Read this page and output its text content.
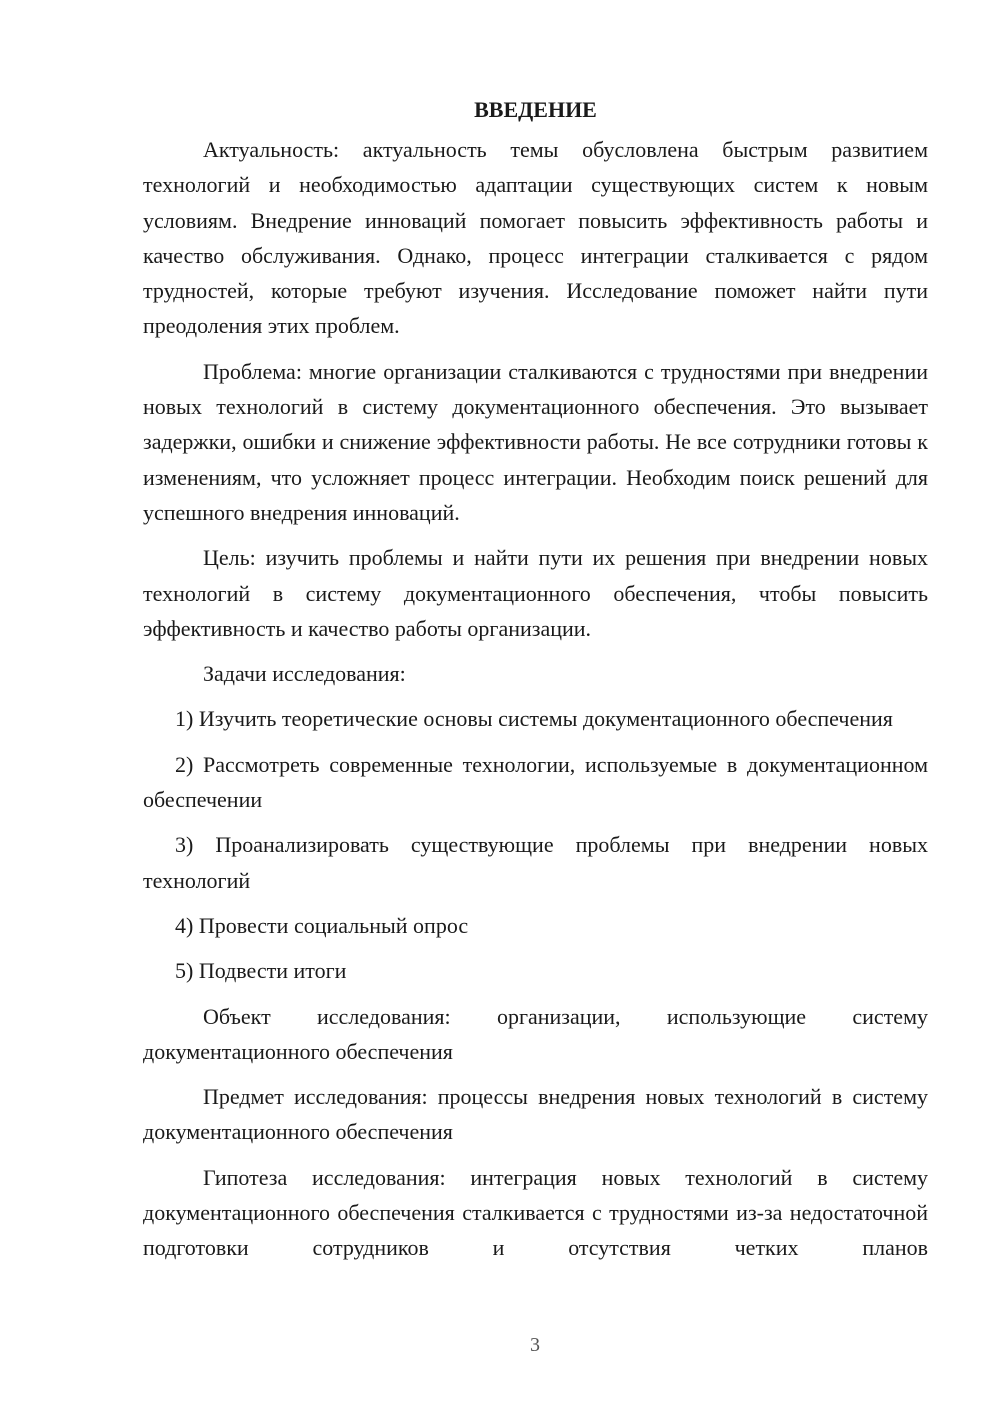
ВВЕДЕНИЕ

Актуальность: актуальность темы обусловлена быстрым развитием технологий и необходимостью адаптации существующих систем к новым условиям. Внедрение инноваций помогает повысить эффективность работы и качество обслуживания. Однако, процесс интеграции сталкивается с рядом трудностей, которые требуют изучения. Исследование поможет найти пути преодоления этих проблем.

Проблема: многие организации сталкиваются с трудностями при внедрении новых технологий в систему документационного обеспечения. Это вызывает задержки, ошибки и снижение эффективности работы. Не все сотрудники готовы к изменениям, что усложняет процесс интеграции. Необходим поиск решений для успешного внедрения инноваций.

Цель: изучить проблемы и найти пути их решения при внедрении новых технологий в систему документационного обеспечения, чтобы повысить эффективность и качество работы организации.

Задачи исследования:

1) Изучить теоретические основы системы документационного обеспечения

2) Рассмотреть современные технологии, используемые в документационном обеспечении

3) Проанализировать существующие проблемы при внедрении новых технологий

4) Провести социальный опрос

5) Подвести итоги

Объект исследования: организации, использующие систему документационного обеспечения

Предмет исследования: процессы внедрения новых технологий в систему документационного обеспечения

Гипотеза исследования: интеграция новых технологий в систему документационного обеспечения сталкивается с трудностями из-за недостаточной подготовки сотрудников и отсутствия четких планов

3
